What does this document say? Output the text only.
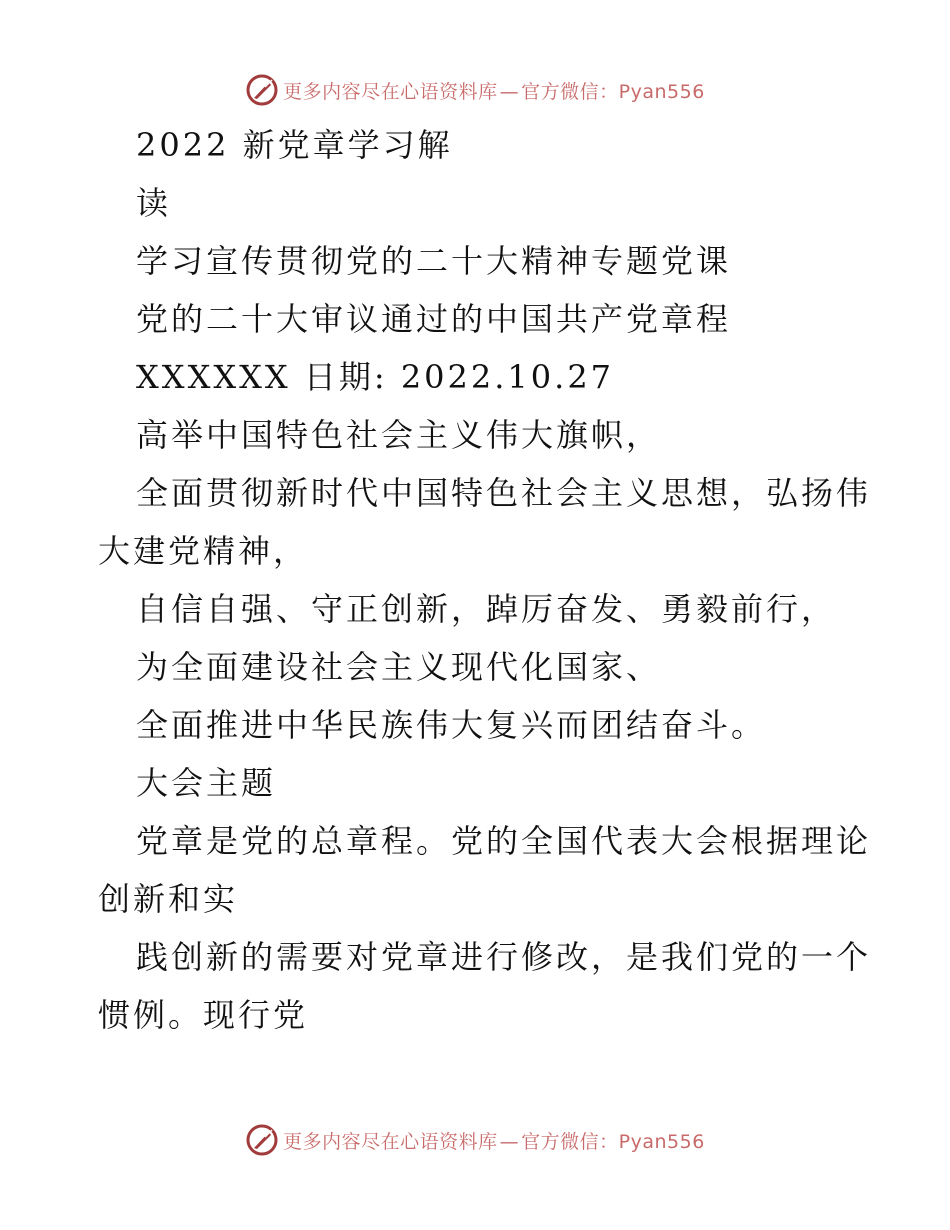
更多内容尽在心语资料库 — 官方微信：Pyan556
2022 新党章学习解
读
学习宣传贯彻党的二十大精神专题党课
党的二十大审议通过的中国共产党章程
XXXXXX 日期: 2022.10.27
高举中国特色社会主义伟大旗帜，
全面贯彻新时代中国特色社会主义思想，弘扬伟
大建党精神，
自信自强、守正创新，踔厉奋发、勇毅前行，
为全面建设社会主义现代化国家、
全面推进中华民族伟大复兴而团结奋斗。
大会主题
党章是党的总章程。党的全国代表大会根据理论
创新和实
践创新的需要对党章进行修改，是我们党的一个
惯例。现行党
更多内容尽在心语资料库 — 官方微信：Pyan556
